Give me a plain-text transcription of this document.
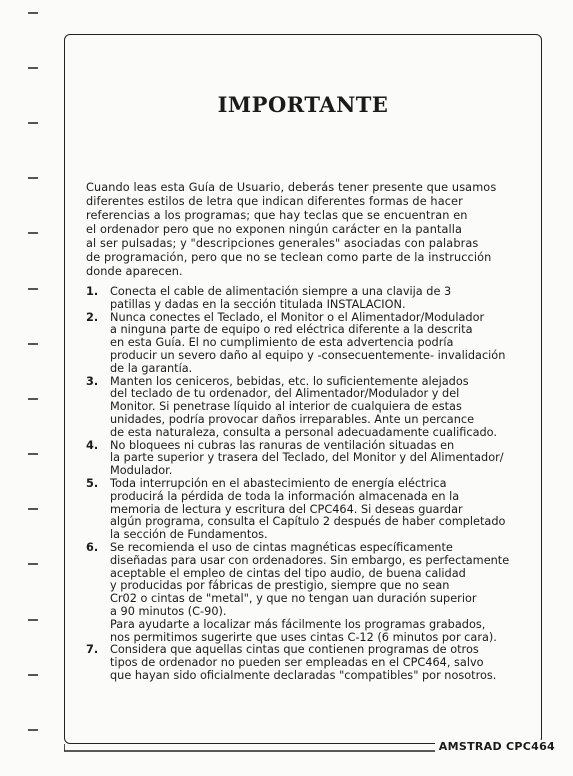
AMSTRAD CPC464
IMPORTANTE
Cuando leas esta Guía de Usuario, deberás tener presente que usamos
diferentes estilos de letra que indican diferentes formas de hacer
referencias a los programas; que hay teclas que se encuentran en
el ordenador pero que no exponen ningún carácter en la pantalla
al ser pulsadas; y "descripciones generales" asociadas con palabras
de programación, pero que no se teclean como parte de la instrucción
donde aparecen.
1. Conecta el cable de alimentación siempre a una clavija de 3
patillas y dadas en la sección titulada INSTALACION.
2. Nunca conectes el Teclado, el Monitor o el Alimentador/Modulador
a ninguna parte de equipo o red eléctrica diferente a la descrita
en esta Guía. El no cumplimiento de esta advertencia podría
producir un severo daño al equipo y -consecuentemente- invalidación
de la garantía.
3. Manten los ceniceros, bebidas, etc. lo suficientemente alejados
del teclado de tu ordenador, del Alimentador/Modulador y del
Monitor. Si penetrase líquido al interior de cualquiera de estas
unidades, podría provocar daños irreparables. Ante un percance
de esta naturaleza, consulta a personal adecuadamente cualificado.
4. No bloquees ni cubras las ranuras de ventilación situadas en
la parte superior y trasera del Teclado, del Monitor y del Alimentador/
Modulador.
5. Toda interrupción en el abastecimiento de energía eléctrica
producirá la pérdida de toda la información almacenada en la
memoria de lectura y escritura del CPC464. Si deseas guardar
algún programa, consulta el Capítulo 2 después de haber completado
la sección de Fundamentos.
6. Se recomienda el uso de cintas magnéticas específicamente
diseñadas para usar con ordenadores. Sin embargo, es perfectamente
aceptable el empleo de cintas del tipo audio, de buena calidad
y producidas por fábricas de prestigio, siempre que no sean
Cr02 o cintas de "metal", y que no tengan uan duración superior
a 90 minutos (C-90).
Para ayudarte a localizar más fácilmente los programas grabados,
nos permitimos sugerirte que uses cintas C-12 (6 minutos por cara).
7. Considera que aquellas cintas que contienen programas de otros
tipos de ordenador no pueden ser empleadas en el CPC464, salvo
que hayan sido oficialmente declaradas "compatibles" por nosotros.
